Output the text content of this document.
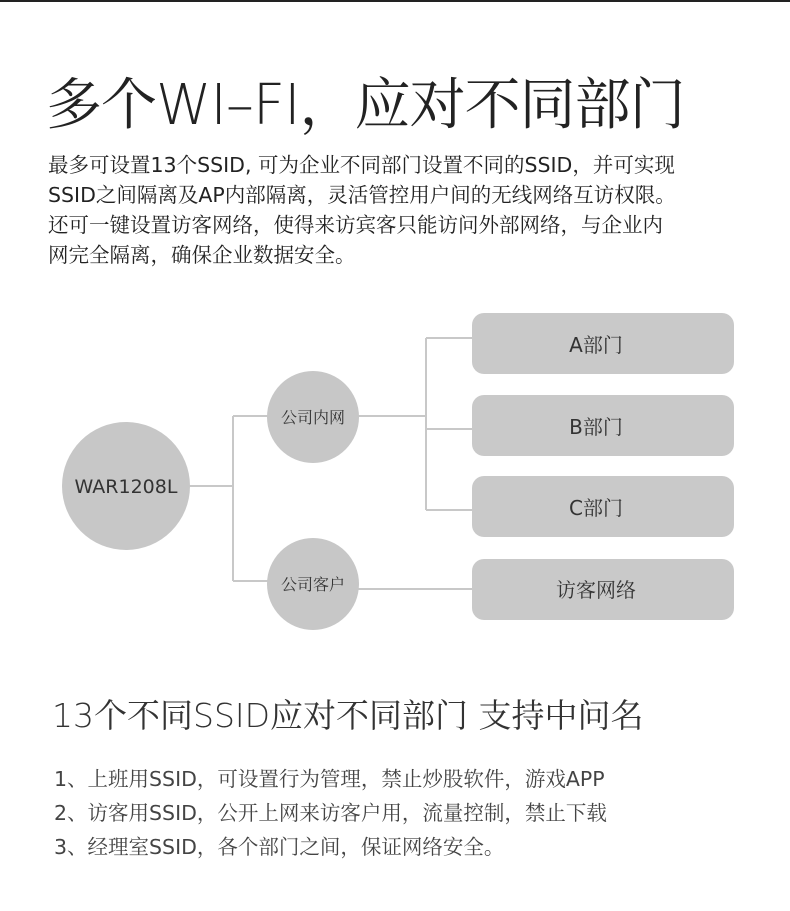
多个WI–FI，应对不同部门

最多可设置13个SSID, 可为企业不同部门设置不同的SSID，并可实现
SSID之间隔离及AP内部隔离，灵活管控用户间的无线网络互访权限。
还可一键设置访客网络，使得来访宾客只能访问外部网络，与企业内
网完全隔离，确保企业数据安全。

WAR1208L
公司内网
公司客户
A部门
B部门
C部门
访客网络
13个不同SSID应对不同部门 支持中问名
1、上班用SSID，可设置行为管理，禁止炒股软件，游戏APP
2、访客用SSID，公开上网来访客户用，流量控制，禁止下载
3、经理室SSID，各个部门之间，保证网络安全。
